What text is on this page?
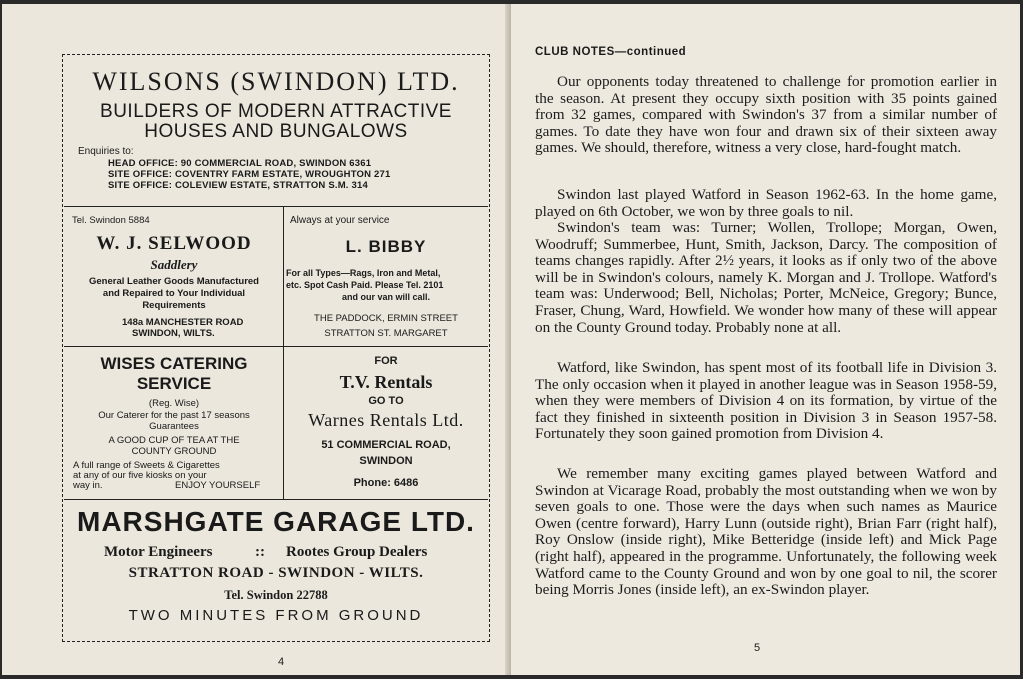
WILSONS (SWINDON) LTD.
BUILDERS OF MODERN ATTRACTIVE
HOUSES AND BUNGALOWS
Enquiries to:
HEAD OFFICE: 90 COMMERCIAL ROAD, SWINDON 6361
SITE OFFICE: COVENTRY FARM ESTATE, WROUGHTON 271
SITE OFFICE: COLEVIEW ESTATE, STRATTON S.M. 314
Tel. Swindon 5884
W. J. SELWOOD
Saddlery
General Leather Goods Manufactured
and Repaired to Your Individual
Requirements
148a MANCHESTER ROAD
SWINDON, WILTS.
Always at your service
L. BIBBY
For all Types—Rags, Iron and Metal,
etc. Spot Cash Paid. Please Tel. 2101
and our van will call.
THE PADDOCK, ERMIN STREET
STRATTON ST. MARGARET
WISES CATERING
SERVICE
(Reg. Wise)
Our Caterer for the past 17 seasons
Guarantees
A GOOD CUP OF TEA AT THE
COUNTY GROUND
A full range of Sweets & Cigarettes
at any of our five kiosks on your
way in.	ENJOY YOURSELF
FOR
T.V. Rentals
GO TO
Warnes Rentals Ltd.
51 COMMERCIAL ROAD,
SWINDON
Phone: 6486
MARSHGATE GARAGE LTD.
Motor Engineers	:: Rootes Group Dealers
STRATTON ROAD - SWINDON - WILTS.
Tel. Swindon 22788
TWO MINUTES FROM GROUND
4
CLUB NOTES—continued

Our opponents today threatened to challenge for promotion earlier in the season. At present they occupy sixth position with 35 points gained from 32 games, compared with Swindon's 37 from a similar number of games. To date they have won four and drawn six of their sixteen away games. We should, therefore, witness a very close, hard-fought match.

Swindon last played Watford in Season 1962-63. In the home game, played on 6th October, we won by three goals to nil.

Swindon's team was: Turner; Wollen, Trollope; Morgan, Owen, Woodruff; Summerbee, Hunt, Smith, Jackson, Darcy. The composition of teams changes rapidly. After 2½ years, it looks as if only two of the above will be in Swindon's colours, namely K. Morgan and J. Trollope. Watford's team was: Underwood; Bell, Nicholas; Porter, McNeice, Gregory; Bunce, Fraser, Chung, Ward, Howfield. We wonder how many of these will appear on the County Ground today. Probably none at all.

Watford, like Swindon, has spent most of its football life in Division 3. The only occasion when it played in another league was in Season 1958-59, when they were members of Division 4 on its formation, by virtue of the fact they finished in sixteenth position in Division 3 in Season 1957-58. Fortunately they soon gained promotion from Division 4.

We remember many exciting games played between Watford and Swindon at Vicarage Road, probably the most outstanding when we won by seven goals to one. Those were the days when such names as Maurice Owen (centre forward), Harry Lunn (outside right), Brian Farr (right half), Roy Onslow (inside right), Mike Betteridge (inside left) and Mick Page (right half), appeared in the programme. Unfortunately, the following week Watford came to the County Ground and won by one goal to nil, the scorer being Morris Jones (inside left), an ex-Swindon player.

5
